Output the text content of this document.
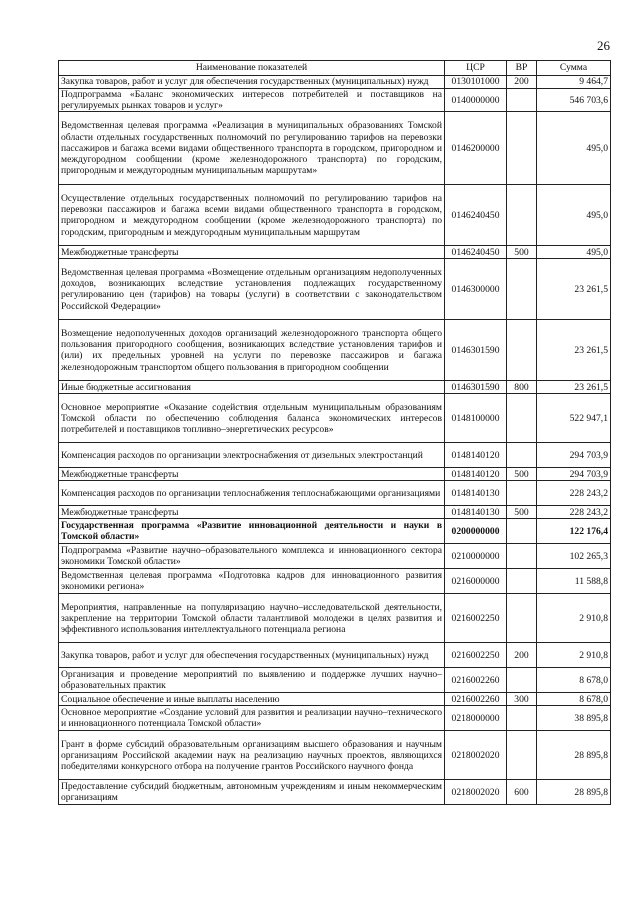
26
Наименование показателей	ЦСР	ВР	Сумма
Закупка товаров, работ и услуг для обеспечения государственных (муниципальных) нужд	0130101000	200	9 464,7
Подпрограмма «Баланс экономических интересов потребителей и поставщиков на регулируемых рынках товаров и услуг»	0140000000		546 703,6
Ведомственная целевая программа «Реализация в муниципальных образованиях Томской области отдельных государственных полномочий по регулированию тарифов на перевозки пассажиров и багажа всеми видами общественного транспорта в городском, пригородном и междугородном сообщении (кроме железнодорожного транспорта) по городским, пригородным и междугородным муниципальным маршрутам»	0146200000		495,0
Осуществление отдельных государственных полномочий по регулированию тарифов на перевозки пассажиров и багажа всеми видами общественного транспорта в городском, пригородном и междугородном сообщении (кроме железнодорожного транспорта) по городским, пригородным и междугородным муниципальным маршрутам	0146240450		495,0
Межбюджетные трансферты	0146240450	500	495,0
Ведомственная целевая программа «Возмещение отдельным организациям недополученных доходов, возникающих вследствие установления подлежащих государственному регулированию цен (тарифов) на товары (услуги) в соответствии с законодательством Российской Федерации»	0146300000		23 261,5
Возмещение недополученных доходов организаций железнодорожного транспорта общего пользования пригородного сообщения, возникающих вследствие установления тарифов и (или) их предельных уровней на услуги по перевозке пассажиров и багажа железнодорожным транспортом общего пользования в пригородном сообщении	0146301590		23 261,5
Иные бюджетные ассигнования	0146301590	800	23 261,5
Основное мероприятие «Оказание содействия отдельным муниципальным образованиям Томской области по обеспечению соблюдения баланса экономических интересов потребителей и поставщиков топливно–энергетических ресурсов»	0148100000		522 947,1
Компенсация расходов по организации электроснабжения от дизельных электростанций	0148140120		294 703,9
Межбюджетные трансферты	0148140120	500	294 703,9
Компенсация расходов по организации теплоснабжения теплоснабжающими организациями	0148140130		228 243,2
Межбюджетные трансферты	0148140130	500	228 243,2
Государственная программа «Развитие инновационной деятельности и науки в Томской области»	0200000000		122 176,4
Подпрограмма «Развитие научно–образовательного комплекса и инновационного сектора экономики Томской области»	0210000000		102 265,3
Ведомственная целевая программа «Подготовка кадров для инновационного развития экономики региона»	0216000000		11 588,8
Мероприятия, направленные на популяризацию научно–исследовательской деятельности, закрепление на территории Томской области талантливой молодежи в целях развития и эффективного использования интеллектуального потенциала региона	0216002250		2 910,8
Закупка товаров, работ и услуг для обеспечения государственных (муниципальных) нужд	0216002250	200	2 910,8
Организация и проведение мероприятий по выявлению и поддержке лучших научно–образовательных практик	0216002260		8 678,0
Социальное обеспечение и иные выплаты населению	0216002260	300	8 678,0
Основное мероприятие «Создание условий для развития и реализации научно–технического и инновационного потенциала Томской области»	0218000000		38 895,8
Грант в форме субсидий образовательным организациям высшего образования и научным организациям Российской академии наук на реализацию научных проектов, являющихся победителями конкурсного отбора на получение грантов Российского научного фонда	0218002020		28 895,8
Предоставление субсидий бюджетным, автономным учреждениям и иным некоммерческим организациям	0218002020	600	28 895,8
